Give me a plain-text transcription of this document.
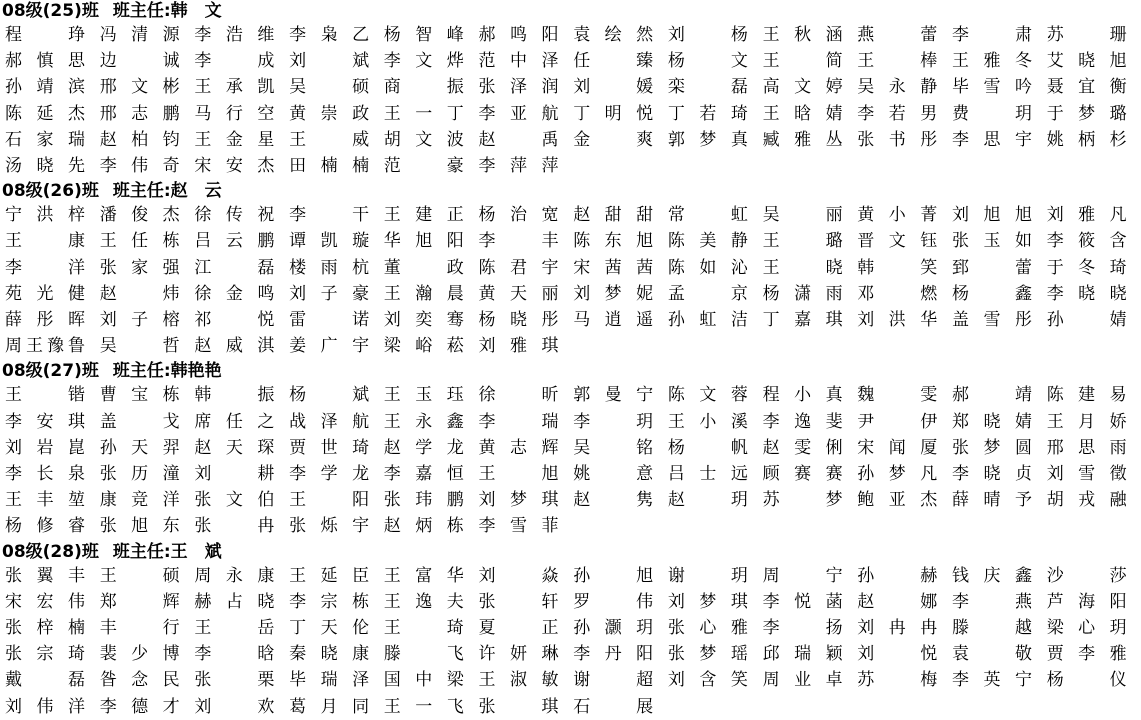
08级(25)班 班主任:韩　文
程　琤 冯清源 李浩维 李枭乙 杨智峰 郝鸣阳 袁绘然 刘　杨 王秋涵 燕　蕾 李　肃 苏　珊
郝慎思 边　诚 李　成 刘　斌 李文烨 范中泽 任　臻 杨　文 王　简 王　棒 王雅冬 艾晓旭
孙靖滨 邢文彬 王承凯 吴　硕 商　振 张泽润 刘　媛 栾　磊 高文婷 吴永静 毕雪吟 聂宜衡
陈延杰 邢志鹏 马行空 黄崇政 王一丁 李亚航 丁明悦 丁若琦 王晗婧 李若男 费　玥 于梦璐
石家瑞 赵柏钧 王金星 王　威 胡文波 赵　禹 金　爽 郭梦真 臧雅丛 张书彤 李思宇 姚柄杉
汤晓先 李伟奇 宋安杰 田楠楠 范　豪 李萍萍
08级(26)班 班主任:赵　云
宁洪梓 潘俊杰 徐传祝 李　干 王建正 杨治宽 赵甜甜 常　虹 吴　丽 黄小菁 刘旭旭 刘雅凡
王　康 王任栋 吕云鹏 谭凯璇 华旭阳 李　丰 陈东旭 陈美静 王　璐 晋文钰 张玉如 李筱含
李　洋 张家强 江　磊 楼雨杭 董　政 陈君宇 宋茜茜 陈如沁 王　晓 韩　笑 郅　蕾 于冬琦
苑光健 赵　炜 徐金鸣 刘子豪 王瀚晨 黄天丽 刘梦妮 孟　京 杨潇雨 邓　燃 杨　鑫 李晓晓
薛彤晖 刘子榕 祁　悦 雷　诺 刘奕骞 杨晓彤 马逍遥 孙虹洁 丁嘉琪 刘洪华 盖雪彤 孙　婧
周王豫鲁 吴　哲 赵威淇 姜广宇 梁峪菘 刘雅琪
08级(27)班 班主任:韩艳艳
王　锴 曹宝栋 韩　振 杨　斌 王玉珏 徐　昕 郭曼宁 陈文蓉 程小真 魏　雯 郝　靖 陈建易
李安琪 盖　戈 席任之 战泽航 王永鑫 李　瑞 李　玥 王小溪 李逸斐 尹　伊 郑晓婧 王月娇
刘岩崑 孙天羿 赵天琛 贾世琦 赵学龙 黄志辉 吴　铭 杨　帆 赵雯俐 宋闻厦 张梦圆 邢思雨
李长泉 张历潼 刘　耕 李学龙 李嘉恒 王　旭 姚　意 吕士远 顾赛赛 孙梦凡 李晓贞 刘雪徵
王丰堃 康竞洋 张文伯 王　阳 张玮鹏 刘梦琪 赵　隽 赵　玥 苏　梦 鲍亚杰 薛晴予 胡戎融
杨修睿 张旭东 张　冉 张烁宇 赵炳栋 李雪菲
08级(28)班 班主任:王　斌
张翼丰 王　硕 周永康 王延臣 王富华 刘　焱 孙　旭 谢　玥 周　宁 孙　赫 钱庆鑫 沙　莎
宋宏伟 郑　辉 赫占晓 李宗栋 王逸夫 张　轩 罗　伟 刘梦琪 李悦菡 赵　娜 李　燕 芦海阳
张梓楠 丰　行 王　岳 丁天伦 王　琦 夏　正 孙灏玥 张心雅 李　扬 刘冉冉 滕　越 梁心玥
张宗琦 裴少博 李　晗 秦晓康 滕　飞 许妍琳 李丹阳 张梦瑶 邱瑞颖 刘　悦 袁　敬 贾李雅
戴　磊 昝念民 张　栗 毕瑞泽 国中梁 王淑敏 谢　超 刘含笑 周业卓 苏　梅 李英宁 杨　仪
刘伟洋 李德才 刘　欢 葛月同 王一飞 张　琪 石　展
